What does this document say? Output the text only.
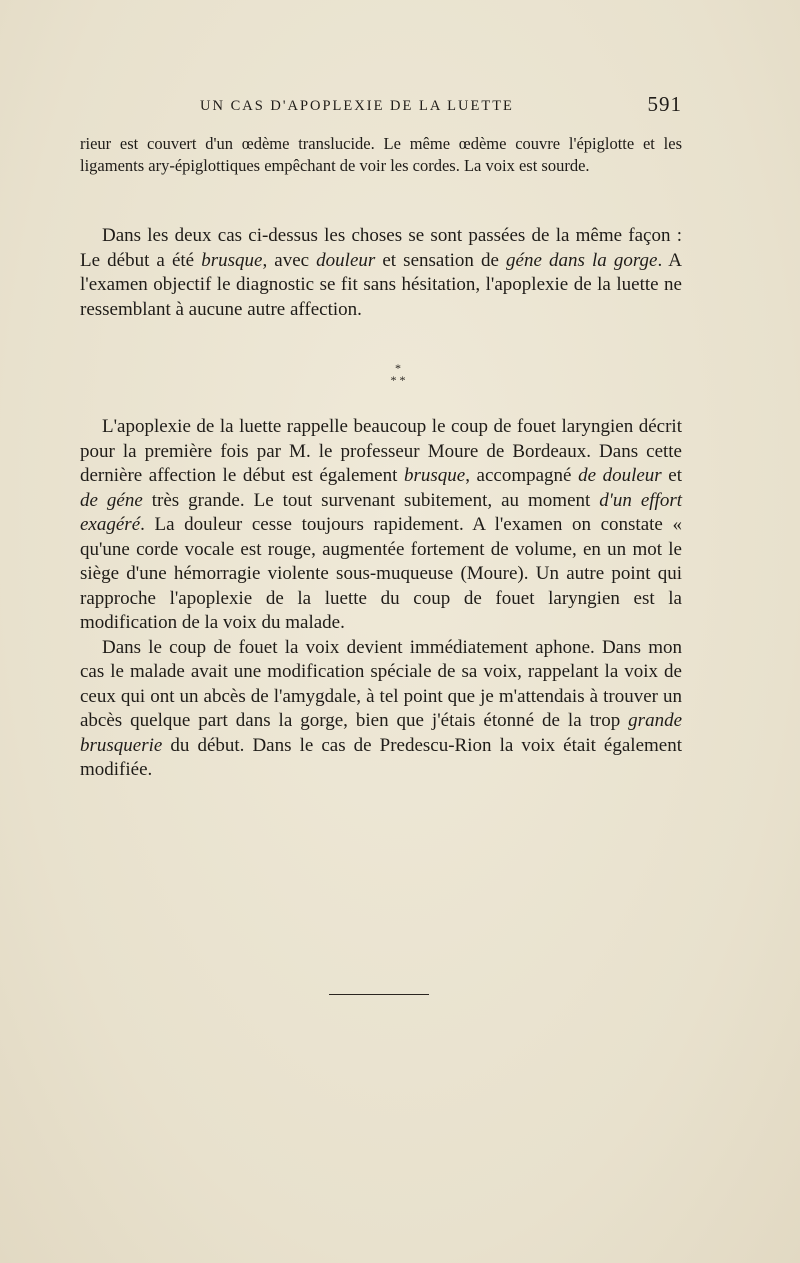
UN CAS D'APOPLEXIE DE LA LUETTE	591

rieur est couvert d'un œdème translucide. Le même œdème couvre l'épiglotte et les ligaments ary-épiglottiques empêchant de voir les cordes. La voix est sourde.

Dans les deux cas ci-dessus les choses se sont passées de la même façon : Le début a été brusque, avec douleur et sensation de géne dans la gorge. A l'examen objectif le diagnostic se fit sans hésitation, l'apoplexie de la luette ne ressemblant à aucune autre affection.

*
* *

L'apoplexie de la luette rappelle beaucoup le coup de fouet laryngien décrit pour la première fois par M. le professeur Moure de Bordeaux. Dans cette dernière affection le début est également brusque, accompagné de douleur et de géne très grande. Le tout survenant subitement, au moment d'un effort exagéré. La douleur cesse toujours rapidement. A l'examen on constate « qu'une corde vocale est rouge, augmentée fortement de volume, en un mot le siège d'une hémorragie violente sous-muqueuse (Moure). Un autre point qui rapproche l'apoplexie de la luette du coup de fouet laryngien est la modification de la voix du malade.

Dans le coup de fouet la voix devient immédiatement aphone. Dans mon cas le malade avait une modification spéciale de sa voix, rappelant la voix de ceux qui ont un abcès de l'amygdale, à tel point que je m'attendais à trouver un abcès quelque part dans la gorge, bien que j'étais étonné de la trop grande brusquerie du début. Dans le cas de Predescu-Rion la voix était également modifiée.
